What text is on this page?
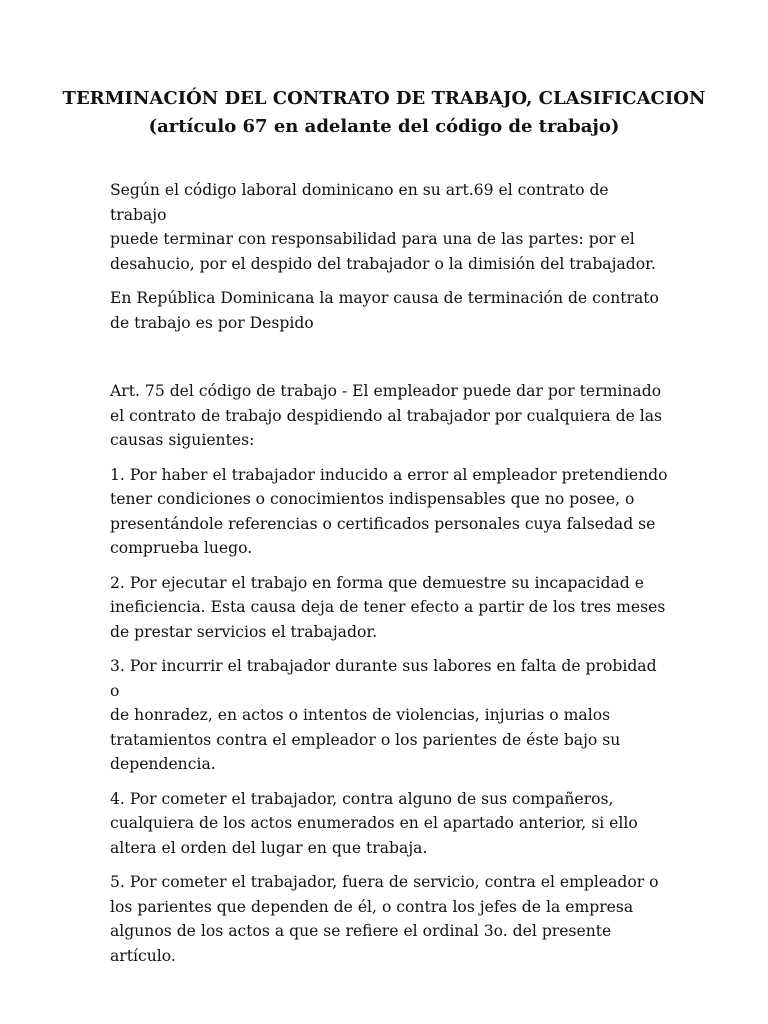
TERMINACIÓN DEL CONTRATO DE TRABAJO, CLASIFICACION

(artículo 67 en adelante del código de trabajo)

Según el código laboral dominicano en su art.69 el contrato de trabajo
puede terminar con responsabilidad para una de las partes: por el
desahucio, por el despido del trabajador o la dimisión del trabajador.
En República Dominicana la mayor causa de terminación de contrato
de trabajo es por Despido
Art. 75 del código de trabajo - El empleador puede dar por terminado
el contrato de trabajo despidiendo al trabajador por cualquiera de las
causas siguientes:
1. Por haber el trabajador inducido a error al empleador pretendiendo
tener condiciones o conocimientos indispensables que no posee, o
presentándole referencias o certificados personales cuya falsedad se
comprueba luego.
2. Por ejecutar el trabajo en forma que demuestre su incapacidad e
ineficiencia. Esta causa deja de tener efecto a partir de los tres meses
de prestar servicios el trabajador.
3. Por incurrir el trabajador durante sus labores en falta de probidad o
de honradez, en actos o intentos de violencias, injurias o malos
tratamientos contra el empleador o los parientes de éste bajo su
dependencia.
4. Por cometer el trabajador, contra alguno de sus compañeros,
cualquiera de los actos enumerados en el apartado anterior, si ello
altera el orden del lugar en que trabaja.
5. Por cometer el trabajador, fuera de servicio, contra el empleador o
los parientes que dependen de él, o contra los jefes de la empresa
algunos de los actos a que se refiere el ordinal 3o. del presente artículo.
